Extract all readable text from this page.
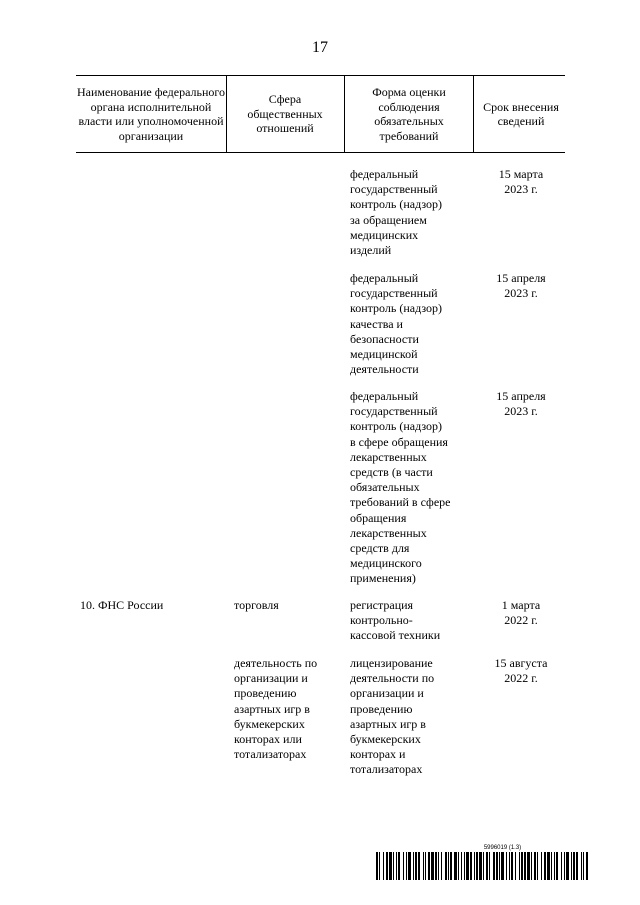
17
Наименование федерального органа исполнительной власти или уполномоченной организации
Сфера общественных отношений
Форма оценки соблюдения обязательных требований
Срок внесения сведений
федеральный
государственный
контроль (надзор)
за обращением
медицинских
изделий
15 марта
2023 г.
федеральный
государственный
контроль (надзор)
качества и
безопасности
медицинской
деятельности
15 апреля
2023 г.
федеральный
государственный
контроль (надзор)
в сфере обращения
лекарственных
средств (в части
обязательных
требований в сфере
обращения
лекарственных
средств для
медицинского
применения)
15 апреля
2023 г.
10. ФНС России	торговля	регистрация
контрольно-
кассовой техники
1 марта
2022 г.
деятельность по
организации и
проведению
азартных игр в
букмекерских
конторах или
тотализаторах
лицензирование
деятельности по
организации и
проведению
азартных игр в
букмекерских
конторах и
тотализаторах
15 августа
2022 г.
5996019 (1.3)
